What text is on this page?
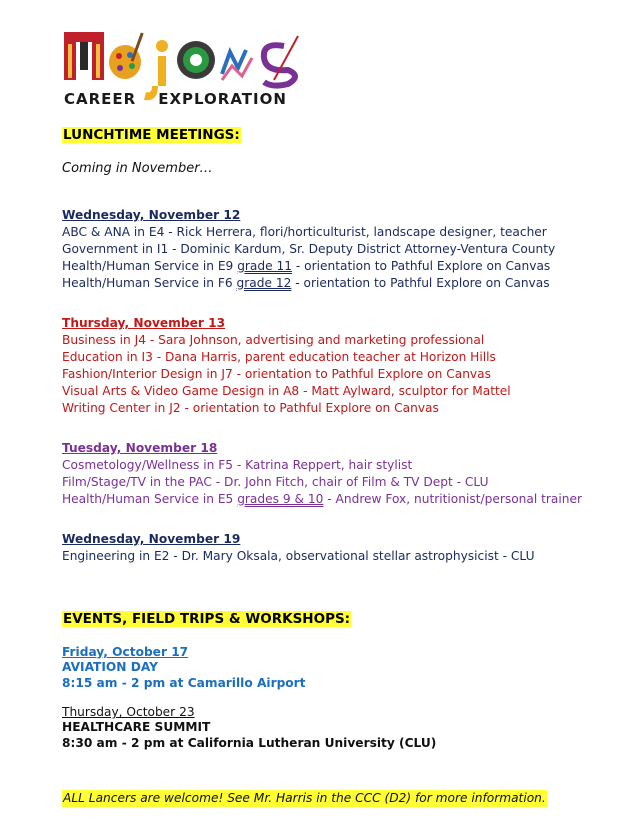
CAREER EXPLORATION
LUNCHTIME MEETINGS:
Coming in November…
Wednesday, November 12
ABC & ANA in E4 - Rick Herrera, flori/horticulturist, landscape designer, teacher
Government in I1 - Dominic Kardum, Sr. Deputy District Attorney-Ventura County
Health/Human Service in E9 grade 11 - orientation to Pathful Explore on Canvas
Health/Human Service in F6 grade 12 - orientation to Pathful Explore on Canvas
Thursday, November 13
Business in J4 - Sara Johnson, advertising and marketing professional
Education in I3 - Dana Harris, parent education teacher at Horizon Hills
Fashion/Interior Design in J7 - orientation to Pathful Explore on Canvas
Visual Arts & Video Game Design in A8 - Matt Aylward, sculptor for Mattel
Writing Center in J2 - orientation to Pathful Explore on Canvas
Tuesday, November 18
Cosmetology/Wellness in F5 - Katrina Reppert, hair stylist
Film/Stage/TV in the PAC - Dr. John Fitch, chair of Film & TV Dept - CLU
Health/Human Service in E5 grades 9 & 10 - Andrew Fox, nutritionist/personal trainer
Wednesday, November 19
Engineering in E2 - Dr. Mary Oksala, observational stellar astrophysicist - CLU
EVENTS, FIELD TRIPS & WORKSHOPS:
Friday, October 17
AVIATION DAY
8:15 am - 2 pm at Camarillo Airport
Thursday, October 23
HEALTHCARE SUMMIT
8:30 am - 2 pm at California Lutheran University (CLU)
ALL Lancers are welcome! See Mr. Harris in the CCC (D2) for more information.
